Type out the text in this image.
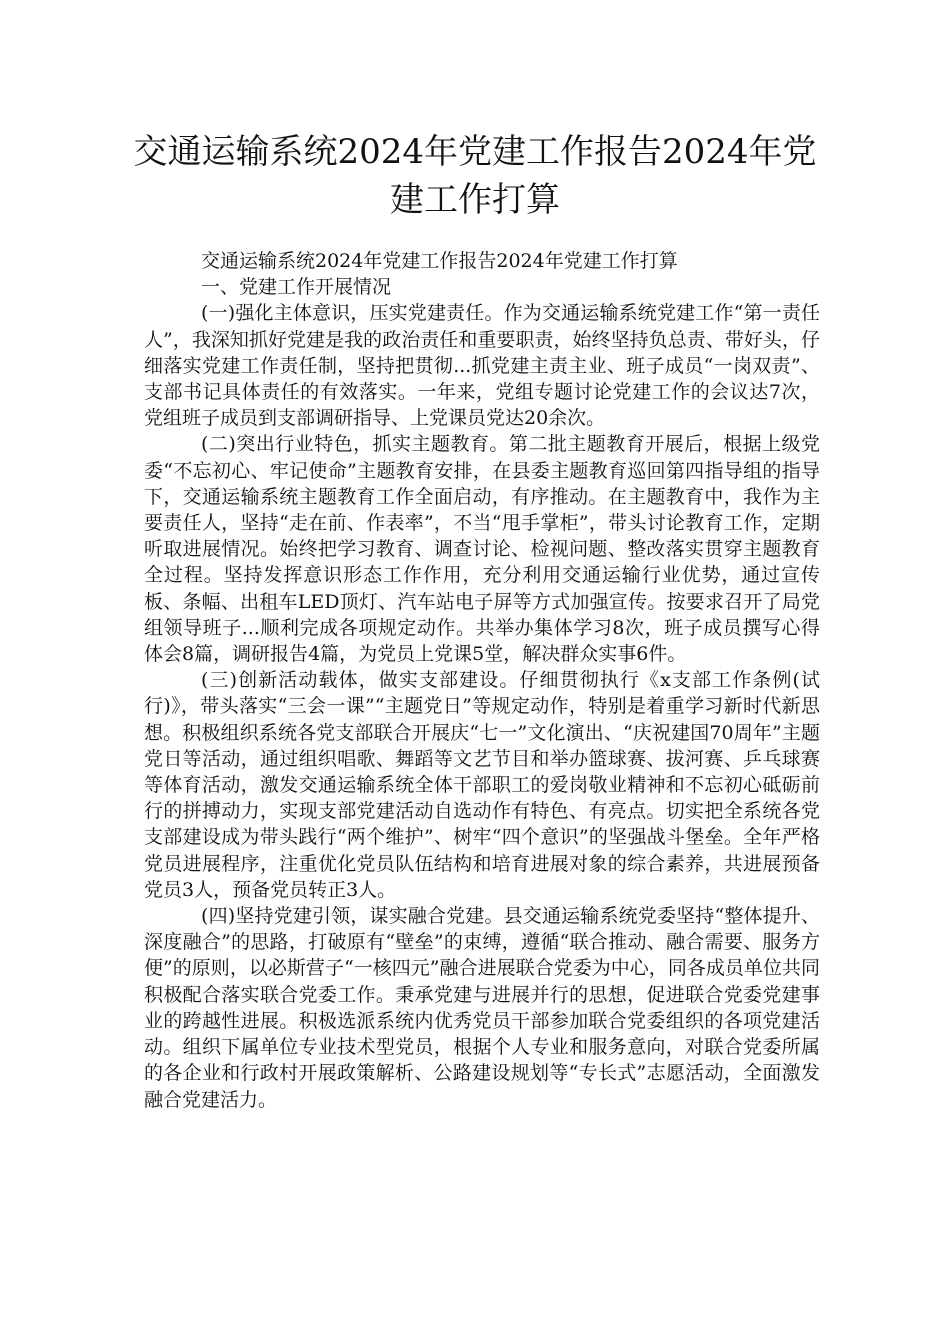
交通运输系统2024年党建工作报告2024年党建工作打算

交通运输系统2024年党建工作报告2024年党建工作打算

一、党建工作开展情况

(一)强化主体意识，压实党建责任。作为交通运输系统党建工作“第一责任人”，我深知抓好党建是我的政治责任和重要职责，始终坚持负总责、带好头，仔细落实党建工作责任制，坚持把贯彻...抓党建主责主业、班子成员“一岗双责”、支部书记具体责任的有效落实。一年来，党组专题讨论党建工作的会议达7次，党组班子成员到支部调研指导、上党课员党达20余次。

(二)突出行业特色，抓实主题教育。第二批主题教育开展后，根据上级党委“不忘初心、牢记使命”主题教育安排，在县委主题教育巡回第四指导组的指导下，交通运输系统主题教育工作全面启动，有序推动。在主题教育中，我作为主要责任人，坚持“走在前、作表率”，不当“甩手掌柜”，带头讨论教育工作，定期听取进展情况。始终把学习教育、调查讨论、检视问题、整改落实贯穿主题教育全过程。坚持发挥意识形态工作作用，充分利用交通运输行业优势，通过宣传板、条幅、出租车LED顶灯、汽车站电子屏等方式加强宣传。按要求召开了局党组领导班子...顺利完成各项规定动作。共举办集体学习8次，班子成员撰写心得体会8篇，调研报告4篇，为党员上党课5堂，解决群众实事6件。

(三)创新活动载体，做实支部建设。仔细贯彻执行《x支部工作条例(试行)》，带头落实“三会一课”“主题党日”等规定动作，特别是着重学习新时代新思想。积极组织系统各党支部联合开展庆“七一”文化演出、“庆祝建国70周年”主题党日等活动，通过组织唱歌、舞蹈等文艺节目和举办篮球赛、拔河赛、乒乓球赛等体育活动，激发交通运输系统全体干部职工的爱岗敬业精神和不忘初心砥砺前行的拼搏动力，实现支部党建活动自选动作有特色、有亮点。切实把全系统各党支部建设成为带头践行“两个维护”、树牢“四个意识”的坚强战斗堡垒。全年严格党员进展程序，注重优化党员队伍结构和培育进展对象的综合素养，共进展预备党员3人，预备党员转正3人。

(四)坚持党建引领，谋实融合党建。县交通运输系统党委坚持“整体提升、深度融合”的思路，打破原有“壁垒”的束缚，遵循“联合推动、融合需要、服务方便”的原则，以必斯营子“一核四元”融合进展联合党委为中心，同各成员单位共同积极配合落实联合党委工作。秉承党建与进展并行的思想，促进联合党委党建事业的跨越性进展。积极选派系统内优秀党员干部参加联合党委组织的各项党建活动。组织下属单位专业技术型党员，根据个人专业和服务意向，对联合党委所属的各企业和行政村开展政策解析、公路建设规划等“专长式”志愿活动，全面激发融合党建活力。
